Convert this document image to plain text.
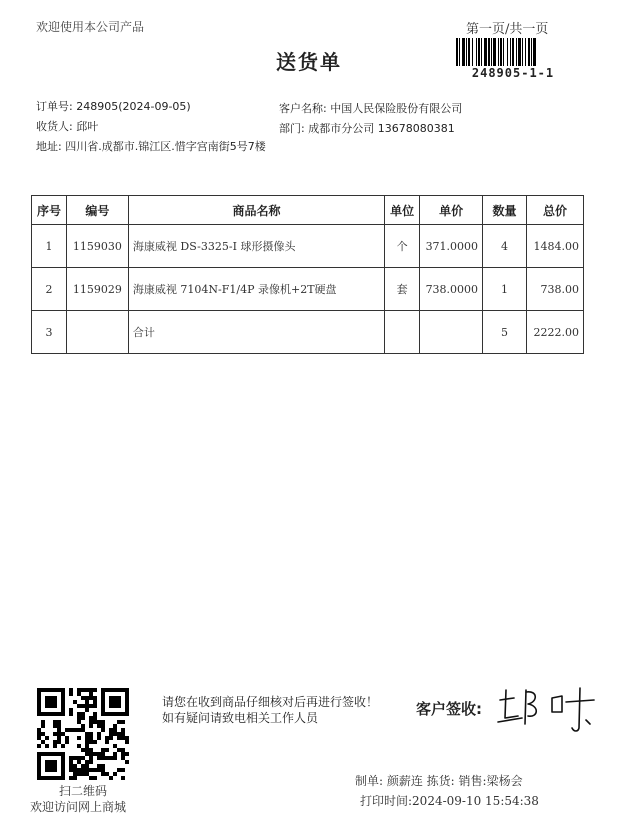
欢迎使用本公司产品	第一页/共一页
248905-1-1
送货单
订单号: 248905(2024-09-05)
收货人: 邱叶
地址: 四川省.成都市.锦江区.惜字宫南街5号7楼
客户名称: 中国人民保险股份有限公司
部门: 成都市分公司 13678080381
序号	编号	商品名称	单位	单价	数量	总价
1	1159030	海康威视 DS-3325-I 球形摄像头	个	371.0000	4	1484.00
2	1159029	海康威视 7104N-F1/4P 录像机+2T硬盘	套	738.0000	1	738.00
3		合计			5	2222.00
扫二维码
欢迎访问网上商城
请您在收到商品仔细核对后再进行签收！如有疑问请致电相关工作人员	客户签收:
制单: 颜薪连 拣货: 销售:梁杨会
打印时间:2024-09-10 15:54:38
